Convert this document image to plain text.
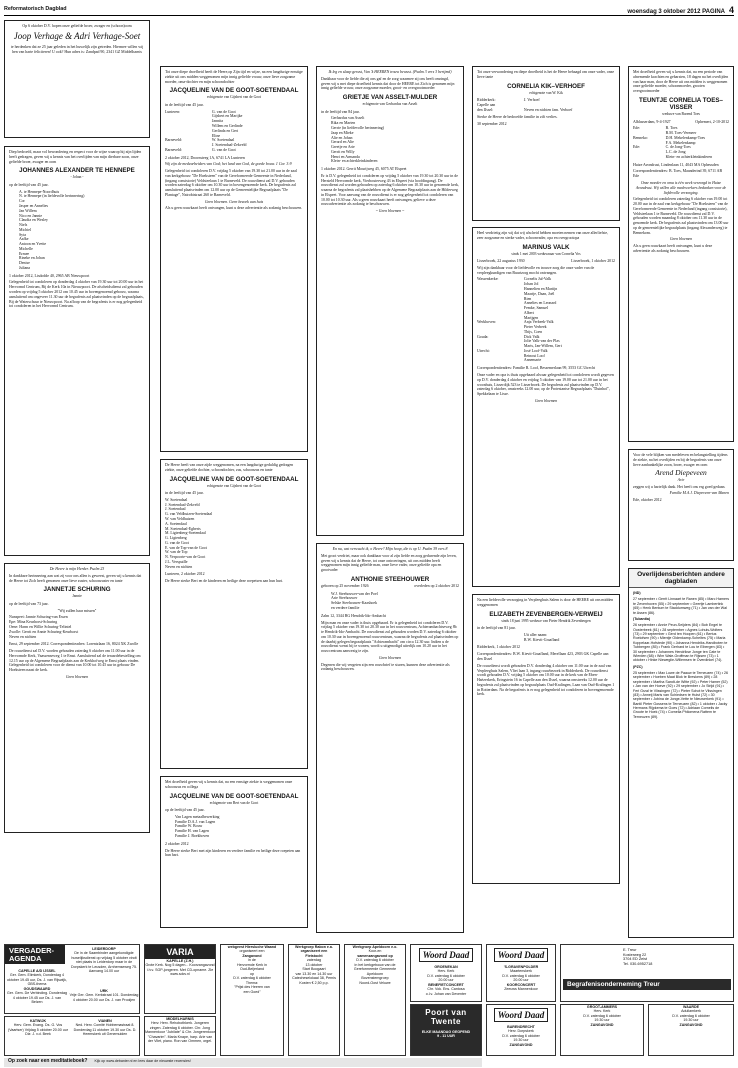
Reformatorisch Dagblad	woensdag 3 oktober 2012 PAGINA 4

Op 6 oktober D.V. hopen onze geliefde broer, zwager en (schoon)oom

Joop Verhage & Adri Verhage-Soet

te herdenken dat ze 25 jaar geleden in het huwelijk zijn getreden. Hiermee willen wij hen van harte feliciteren! U ook? Hun adres is: Zandpad 90, 2341 GZ Middelharnis

Diep bedroefd, maar vol bewondering en respect voor de wijze waarop hij zijn lijden heeft gedragen, geven wij u kennis van het overlijden van mijn dierbare zoon, onze geliefde broer, zwager en oom

JOHANNES ALEXANDER TE HENNEPE
- Johan -

op de leeftijd van 45 jaar.

A. te Hennepe-Noordhuis
N. te Hennepe (in liefdevolle herinnering)
Cor
Jasper en Annelies
Jan Willem
Nico en Jannie
Claudia en Wesley
Niels
Michiel
Syta
Aafke
Antoon en Yvette
Michelle
Ermee
Rineke en Johan
Denise
Juliana

1 oktober 2012, Lisdodde 40, 2965 AB Nieuwpoort

Gelegenheid tot condoleren op donderdag 4 oktober van 19.30 uur tot 20.00 uur in het Hervormd Centrum, Bij de Kerk 10a in Nieuwpoort. De afscheidsdienst zal gehouden worden op vrijdag 5 oktober 2012 om 10.45 uur in bovengenoemd gebouw, waarna aansluitend om ongeveer 11.30 uur de begrafenis zal plaatsvinden op de begraafplaats, Bij de Waterschuur te Nieuwpoort. Na afloop van de begrafenis is er nog gelegenheid tot condoleren in het Hervormd Centrum.

De Heere is mijn Herder. Psalm 23

In dankbare herinnering aan wat zij voor ons allen is geweest, geven wij u kennis dat de Heere tot Zich heeft genomen onze lieve zuster, schoonzuster en tante

JANNETJE SCHURING
Jannie

op de leeftijd van 73 jaar.

"Wij zullen haar missen"

Nunspeet: Jannie Schuring-van Essen
Epe: Mina Keurhorst-Schuring
Oene: Harm en Willie Schuring-Telintel
Zwolle: Gerrit en Annie Schuring-Keurhorst
Neven en nichten

Emst, 29 september 2012. Correspondentieadres: Lorentzlaan 16, 8024 XK Zwolle

De rouwdienst zal D.V. worden gehouden zaterdag 6 oktober om 11.00 uur in de Hervormde Kerk, Vaassenseweg 1 te Emst. Aansluitend zal de teraardebestelling om 12.15 uur op de Algemene Begraafplaats aan de Kerkhofweg te Emst plaats vinden. Gelegenheid tot condoleren voor de dienst van 10.00 tot 10.45 uur in gebouw De Hoeksteen naast de kerk.

Geen bloemen

Tot onze diepe droefheid heeft de Heere,op Zijn tijd en wijze, na een langdurige ernstige ziekte uit ons midden weggenomen mijn innig geliefde vrouw, onze lieve zorgzame moeder, oma-dochter en mijn schoondochter

JACQUELINE VAN DE GOOT-SOETENDAAL
echtgenote van Gijsbert van de Goot

in de leeftijd van 45 jaar.

Lunteren:	G. van de Goot
Gijsbert en Marijke
Jannita
Willem en Gerlinde
Gerlinda en Gert
Eline
Barneveld:	W. Soetendaal
J. Soetendaal-Zekveld
Barneveld:	G. van de Goot

2 oktober 2012, Doornsteeg 1A, 6741 LA Lunteren

Wij zijn de medearbeiders van God; het land van God, de goede bouw. 1 Cor. 3:9

Gelegenheid tot condoleren D.V. vrijdag 5 oktober van 19.30 tot 21.00 uur in de zaal van kerkgebouw "De Hoeksteen" van de Gereformeerde Gemeente in Nederland, (ingang consistorie) Veldsteelaan 1 te Barneveld. De rouwdienst zal D.V. gehouden worden zaterdag 6 oktober om 10.30 uur in bovengenoemde kerk. De begrafenis zal aansluitend plaatsvinden om 12.00 uur op de Gemeentelijke Begraafplaats "De Plantage", Nairobistraat 260 te Barneveld.

Geen bloemen. Geen bezoek aan huis

Als u geen rouwkaart heeft ontvangen, kunt u deze advertentie als zodanig beschouwen.

De Heere heeft van onze zijde weggenomen, na een langdurige geduldig gedragen ziekte, onze geliefde dochter, schoondochter, zus, schoonzus en tante

JACQUELINE VAN DE GOOT-SOETENDAAL
echtgenote van Gijsbert van de Goot

in de leeftijd van 45 jaar.

W. Soetendaal
J. Soetendaal-Zekveld
J. Soetendaal
G. van Veldhuizen-Soetendaal
W. van Veldhuizen
A. Soetendaal
M. Soetendaal-Egberts
M. Ligtenberg-Soetendaal
G. Ligtenberg
G. van de Goot
E. van de Top-van de Goot
W. van de Top
N. Verpoorte-van de Goot
J.L. Verspuille
Neven en nichten

Lunteren, 2 oktober 2012

De Heere sterke Bert en de kinderen en heilige deze roepetsen aan hun hart.

Met droefheid geven wij u kennis dat, na een ernstige ziekte is weggenomen onze schoonzus en collega

JACQUELINE VAN DE GOOT-SOETENDAAL
echtgenote van Bert van de Goot

op de leeftijd van 45 jaar.

Van Lagen metaalbewerking
Familie D.A.J. van Lagen
Familie W. Bouw
Familie H. van Lagen
Familie J. Boekhoven

2 oktober 2012

De Heere sterke Bert met zijn kinderen en verdere familie en heilige deze roepeten aan hun hart.

Ik leg en slaap gerust, Van 'k HEEREN trouw bewust. (Psalm 3 vers 3 berijmd)

Dankbaar voor de liefde die zij ons gaf en de zorg waarmee zij ons heeft omringd, geven wij u met diepe droefheid kennis dat door de HEERE tot Zich is genomen mijn innig geliefde vrouw, onze zorgzame moeder, groot- en overgrootmoeder

GRIETJE VAN ASSELT-MULDER
echtgenote van Gerhardus van Asselt

in de leeftijd van 84 jaar.

Gerhardus van Asselt
Rika en Marten
Gerrie (in liefdevolle herinnering)
Jaap en Mieke
Alie en Johan
Gerard en Alie
Greetje en Arie
Gerrit en Willy
Henri en Armanda
Klein- en achterkleinkinderen

1 oktober 2012. Gerrit Mourijweg 45, 6075 AT Elspeet

Er is D.V. gelegenheid tot condoleren op vrijdag 5 oktober van 19.30 tot 20.30 uur in de Hersteld Hervormde kerk, Vierhouterweg 43 in Elspeet (via hoofdingang). De rouwdienst zal worden gehouden op zaterdag 6 oktober om 10.30 uur in genoemde kerk, waarna de begrafenis zal plaatshebben op de Algemene Begraafplaats aan de Hilderweg in Elspeet. Voor aanvang van de rouwdienst is er nog gelegenheid tot condoleren van 10.00 tot 10.30 uur. Als u geen rouwkaart heeft ontvangen, gelieve u deze rouwadvertentie als zodanig te beschouwen.

~ Geen bloemen ~

En nu, wat verwacht ik, o Heere? Mijn hoop, die is op U. Psalm 39 vers 8

Met groot verdriet, maar ook dankbaar voor al zijn liefde en zorg gedurende zijn leven, geven wij u kennis dat de Heere, tot onze ontroeringen, uit ons midden heeft weggenomen mijn innig geliefde man, onze lieve vader, onze geliefde opa en grootvader

ANTHONIE STEEHOUWER
geboren op 25 november 1926	overleden op 2 oktober 2012
W.J. Steehouwer-van der Poel
Arie Steehouwer
Selske Steehouwer-Kaashoek
en verdere familie

Zalm 12, 3344 BG Hendrik-Ido-Ambacht

Mijn man en onze vader is thuis opgebaard. Er is gelegenheid tot condoleren D.V. vrijdag 5 oktober van 19.30 tot 20.30 uur in het rouwcentrum, Achterambachtseweg 8b te Hendrik-Ido-Ambacht. De rouwdienst zal gehouden worden D.V. zaterdag 6 oktober om 10.30 uur in bovengenoemd rouwcentrum, waarna de begrafenis zal plaatsvinden op de daarbij gelegen begraafplaats "Achterambacht" om circa 12.30 uur. Indien u de rouwdienst wenst bij te wonen, wordt u uitgenodigd uiterlijk om 10.20 uur in het rouwcentrum aanwezig te zijn.

Geen bloemen

Degenen die wij vergeten zijn een rouwbrief te sturen, kunnen deze advertentie als zodanig beschouwen.

Tot onze verwondering en diepe droefheid is het de Heere behaagd om onze vader, onze lieve tante

CORNELIA KIK–VERHOEF
echtgenote van W. Kik
Ridderkerk:	J. Verhoef
Capelle aan
den IJssel:	Neven en nichten fam. Verhoef

Sterke de Heere de bedroefde familie in zift verlies.

30 september 2012

Heel verdrietig zijn wij dat wij afscheid hebben moeten nemen van onze allerliefste, zeer zorgzame en sterke vader, schoonvader, opa en overgrootopa

MARINUS VALK
sinds 1 mei 2003 weduwnaar van Cornelia Vos
Lisserbroek, 22 augustus 1930	Lisserbroek, 1 oktober 2012

Wij zijn dankbaar voor de liefdevolle en trouwe zorg die onze vader van de verpleegkundigen van Buurtzorg mocht ontvangen.

Wassenkerke:	Cornelis Jul-Valk
Johan Jol
Hannelien en Martijn
Maartje, Daan, Joël
Rien
Annelies en Leonard
Femke, Samuel
Albert
Marijgen
Werkhoven:	Anja Verbeek-Valk
Pieter Verbeek
Thijs, Coen
Gouda:	Dick Valk
Jolie Valk-van der Plas
Maris, Jan-Willem, Gert
Utrecht:	José Loof-Valk
Reinout Loof
Annemarie

Correspondentieadres: Familie R. Loof, Bessemerlaan 99, 3553 GC Utrecht

Onze vader en opa is thuis opgebaard alwaar gelegenheid tot condoleren wordt gegeven op D.V. donderdag 4 oktober en vrijdag 5 oktober van 19.00 uur tot 21.00 uur in het woonhuis, Lisserdijk 523 te Lisserbroek. De begrafenis zal plaatsvinden op D.V. zaterdag 6 oktober, omstreeks 12.00 uur, op de Protestantse Begraafplaats "Duinhof", Spekkelaan te Lisse.

Geen bloemen

Na een liefdevolle verzorging in Verpleeghuis Salem is door de HEERE uit ons midden weggenomen

ELIZABETH ZEVENBERGEN-VERWEIJ
sinds 18 juni 1995 weduwe van Pieter Hendrik Zevenbergen

in de leeftijd van 81 jaar.

Uit aller naam:
B.W. Kievit-Graafland

Ridderkerk, 1 oktober 2012

Correspondentieadres: B.W. Kievit-Graafland, Merellaan 423, 2903 GK Capelle aan den IJssel

De rouwdienst wordt gehouden D.V. donderdag 4 oktober om 11.00 uur in de zaal van Verpleeghuis Salem, Vliet laan 3, ingang rouwbezoek in Ridderkerk. De rouwdienst wordt gehouden D.V. vrijdag 5 oktober om 10.00 uur in de kerk van de Eben-Haëzerkerk, Eringstein 16 in Capelle aan den IJssel, waarna omstreeks 12.00 uur de begrafenis zal plaatsvinden op begraafplaats Oud-Kralingen, Laan van Oud-Kralingen 1 in Rotterdam. Na de begrafenis is er nog gelegenheid tot condoleren in bovengenoemde kerk.

Met droefheid geven wij u kennis dat, na een periode van afnemende krachten en gebarsten, 18 dagen na het overlijden van haar man, door de Heere uit ons midden is weggenomen onze geliefde moeder, schoonmoeder, grooten overgrootmoeder

TEUNTJE CORNELIA TOES–VISSER
weduwe van Barend Toes
Alblasserdam, 9-4-1927	Ophemert, 2-10-2012
Ede:	B. Toes
B.M. Toes-Vermeer
Benneko:	D.H. Mekelenkamp-Toes
F.A. Mekelenkamp
Ede:	C. de Jong-Toes
L.C. de Jong
Klein- en achterkleinkinderen

Huize Avondrust, Lindenlaan 11, 4043 MA Opheusden

Correspondentieadres: B. Toes, Maanderind 39, 6711 AB Ede

Onze moeder en oma is één week verzorgd in Huize Avondrust. Wij willen alle medewerkers bedanken voor de liefdevolle verzorging.

Gelegenheid tot condoleren zaterdag 6 oktober van 19.00 tot 20.00 uur in de zaal van kerkgebouw "De Hoeksteen" van de Gereformeerde Gemeente in Nederland (ingang consistorie), Veldsteelaan 1 te Barneveld. De rouwdienst zal D.V. gehouden worden maandag 8 oktober om 11.30 uur in de genoemde kerk. De begrafenis zal plaatsvinden om 13.00 uur op de gemeentelijke begraafplaats (ingang Alexanderweg) te Bennekom.

Geen bloemen

Als u geen rouwkaart heeft ontvangen, kunt u deze advertentie als zodanig beschouwen.

Voor de vele blijken van medeleven en belangstelling tijdens de ziekte, na het overlijden en bij de begrafenis van onze lieve aanhankelijke zoon, broer, zwager en oom

Arend Diepeveen

Arie

zeggen wij u hartelijk dank. Het heeft ons erg goed gedaan.

Familie M.A.J. Diepeveen-van Manen

Ede, oktober 2012

Overlijdensberichten andere dagbladen

(ND)

27 september • Gerrit Linnaart te Ranen (85) • Marc Hamers te Zevenhoven (55) • 29 september • Geertje Lambertink (65) • Henk Bentum te Staddumweg (71) • Jan van der Wal te Assen (86).

(Tubantia)

26 september • Annie Peun-Seijders (84) • Bob Engel te Oosterbeek (61) • 28 september • Agnes Lohuis-Wolters (73) • 29 september • Gerd ten Hoopen (61) • Bertus Roelofsen (90) • Mientje Oldenkamp-Scheltes (75) • Maria Koppelaar-Hofstede (90) • Johanna Hendriks-Handboten te Tubbergen (85) • Frank Gerhard te Lou te Elbergen (83) • 30 september • Johannes Hendrikse Jonge ten Cate te Wierden (68) • Wim Wale-Groffman te Rijssen (73) • 1 oktober • Hinke Nieweglie-Willemsen te Overdinkel (74).

(PZC)

25 september • Max Lowe de Paauw te Terneuzen (74) • 26 september • Hoeben Maat Blok te Breskens (89) • 28 september • Martha Sandt-de Witte (92) • Peter Hamer (52) • Jan van der Hoeve (92) • 29 september • Jo Strijd (91) • Feri Grzal te Vlissingen (72) • Pieter Schot te Vlissingen (83) • Anneij Maris van Schiedsen te Hulst (72) • 30 september • Jobina de Jonge-Vette te Nieuwerkerk (91) • Bantil Pieter Gossens te Terneuzen (82) • 1 oktober • Jacky Hermans Rijpkema te Goes (72) • Adriaan Cornelis de Groote te Hoek (74) • Cornelia Philomena Rattem te Terneuzen (89).

VERGADER-AGENDA
LEIDERDORP
De in de Saambinder aangekondigde huwelijksdienst op vrijdag 5 oktober vindt niet plaats in Leiderdorp maar in de Dorpskerk te Leusden, Arnhemseweg 75. Aanvang 14.00 uur
CAPELLE A/D IJSSEL
Ger. Gem. Elimkerk, Donderdag 4 oktober 19.45 uur, Ds. J. van Rijswijk, GBS-thema
GOUDSWAARD
Ger. Gem. De Verbinding. Donderdag 4 oktober 19.45 uur Ds. J. van Belzen
URK
Vrije Ger. Gem. Kerkstraat 101. Donderdag 4 oktober 20.00 uur Ds. J. van Prooijen
VARIA
KAPELLE (Z.H.)
Grote Kerk. Nog 5 dagen... Koorzangavond i.h.v. SGP-jongeren. Met CD-opname. Zie www.sdcv.nl
webgeest Hiersluche Waand
organiseert een
Zangavond
in de
Hervormde Kerk in
Oud-Beijerland
op
D.V. zaterdag 6 oktober
Thema:
"Prijst des Heeren van
een Goed"
Werkgroep Rabon e.a. organiseert een
Fietstocht
zaterdag
13 oktober
Start Boogaart
van 13.30 en 14.30 uur
Catecheselokaal 38, Pernis
Kosten € 2,50 p.p.
Werkgroep Apeldoorn e.o.
Koor-en
samenzangavond op
D.V. zaterdag 6 oktober
in het kerkgebouw van de
Gereformeerde Gemeente
Apeldoorn
Bovenstemgroep
Noord-Oost Veluwe
Woord Daad
GROENEKAN
Herv. Kerk
D.V. zaterdag 6 oktober
20.00 uur
BENEFIETCONCERT
Chr. Vok. Ens. Cantosa
o.l.v. Johan van Deventer
Poort van Twente
ELKE MAANDAG GEOPEND
9 - 11 UUR
Woord Daad
'S-GRAVENPOLDER
Maartenskerk
D.V. zaterdag 6 oktober
20.00 uur
KOORCONCERT
Zeeuws Mannenkoor
Woord Daad
BARENDRECHT
Herv. Dorpskerk
D.V. zaterdag 6 oktober
19.30 uur
ZANGAVOND
E. Treur
Kosterweg 22
3704 ED Zeist
Tel. 030-6952718
Begrafenisonderneming Treur
GROOT-AMMERS
Herv. Kerk
D.V. zaterdag 6 oktober
19.30 uur
ZANGAVOND
WAARDE
Adullamkerk
D.V. zaterdag 6 oktober
19.30 uur
ZANGAVOND
MIDDELHARNIS
Herv. Herv. Rehobothkerk. Jongeren zingen. Zaterdag 6 oktober. Chr. Jong Mannenkoor "Jubilate" & Chr. Jongerenkoor "Chavarim". Maria Knape, harp. Arie van der Vliet, piano. Ron van Ommen, orgel.
KATWIJK
Herv. Gem. Evang. Ds. G. Vos (Vaartser) Vrijdag 5 oktober 20.00 uur Diz: J. v.d. Beek
VIANEN
Ned. Herv. Comité Hobbemastraat 8. Donderdag 11 oktober 19.30 uur Ds. D. Heemskerk uit Genemuiden
Op zoek naar een meditatieboek? Kijk op www.debanier.nl en lees daar de nieuwste recensies!
